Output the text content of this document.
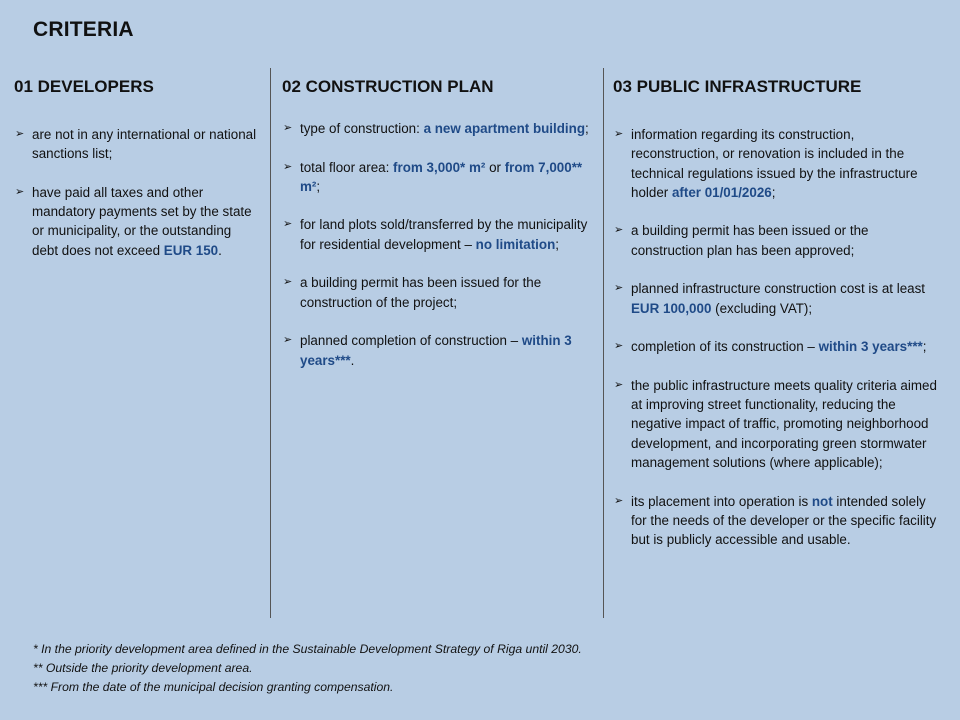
CRITERIA
01 DEVELOPERS
➢ are not in any international or national sanctions list;
➢ have paid all taxes and other mandatory payments set by the state or municipality, or the outstanding debt does not exceed EUR 150.
02 CONSTRUCTION PLAN
➢ type of construction: a new apartment building;
➢ total floor area: from 3,000* m² or from 7,000** m²;
➢ for land plots sold/transferred by the municipality for residential development – no limitation;
➢ a building permit has been issued for the construction of the project;
➢ planned completion of construction – within 3 years***.
03 PUBLIC INFRASTRUCTURE
➢ information regarding its construction, reconstruction, or renovation is included in the technical regulations issued by the infrastructure holder after 01/01/2026;
➢ a building permit has been issued or the construction plan has been approved;
➢ planned infrastructure construction cost is at least EUR 100,000 (excluding VAT);
➢ completion of its construction – within 3 years***;
➢ the public infrastructure meets quality criteria aimed at improving street functionality, reducing the negative impact of traffic, promoting neighborhood development, and incorporating green stormwater management solutions (where applicable);
➢ its placement into operation is not intended solely for the needs of the developer or the specific facility but is publicly accessible and usable.
* In the priority development area defined in the Sustainable Development Strategy of Riga until 2030.
** Outside the priority development area.
*** From the date of the municipal decision granting compensation.
